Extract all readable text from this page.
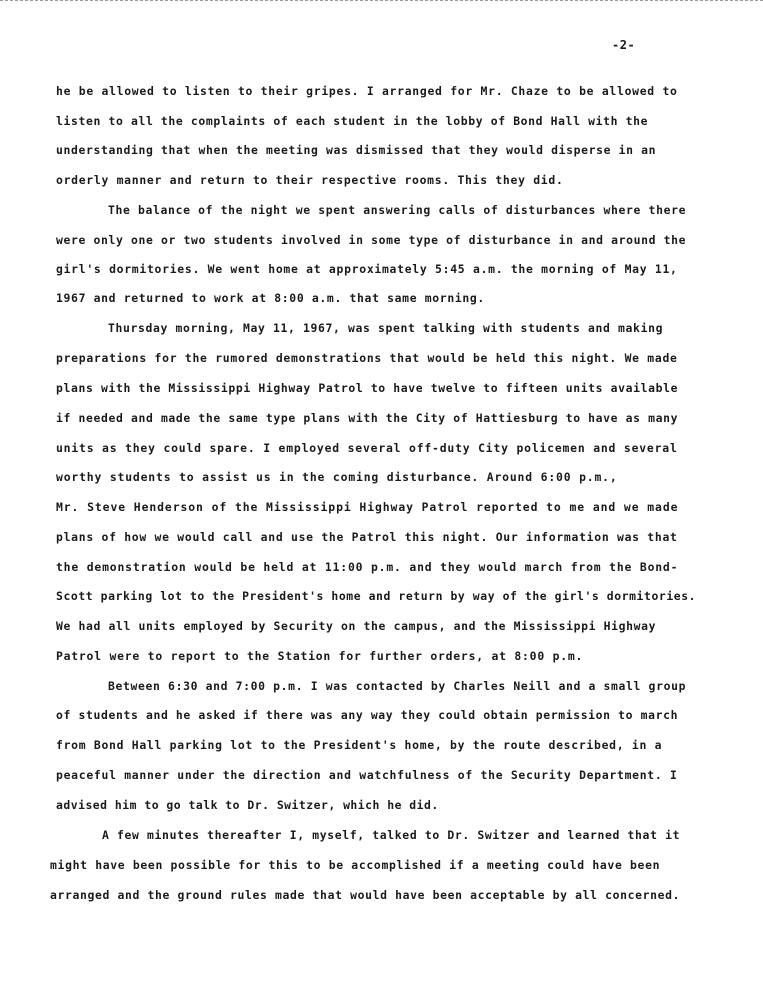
-2-
he be allowed to listen to their gripes. I arranged for Mr. Chaze to be allowed to
listen to all the complaints of each student in the lobby of Bond Hall with the
understanding that when the meeting was dismissed that they would disperse in an
orderly manner and return to their respective rooms. This they did.
The balance of the night we spent answering calls of disturbances where there
were only one or two students involved in some type of disturbance in and around the
girl's dormitories. We went home at approximately 5:45 a.m. the morning of May 11,
1967 and returned to work at 8:00 a.m. that same morning.
Thursday morning, May 11, 1967, was spent talking with students and making
preparations for the rumored demonstrations that would be held this night. We made
plans with the Mississippi Highway Patrol to have twelve to fifteen units available
if needed and made the same type plans with the City of Hattiesburg to have as many
units as they could spare. I employed several off-duty City policemen and several
worthy students to assist us in the coming disturbance. Around 6:00 p.m.,
Mr. Steve Henderson of the Mississippi Highway Patrol reported to me and we made
plans of how we would call and use the Patrol this night. Our information was that
the demonstration would be held at 11:00 p.m. and they would march from the Bond-
Scott parking lot to the President's home and return by way of the girl's dormitories.
We had all units employed by Security on the campus, and the Mississippi Highway
Patrol were to report to the Station for further orders, at 8:00 p.m.
Between 6:30 and 7:00 p.m. I was contacted by Charles Neill and a small group
of students and he asked if there was any way they could obtain permission to march
from Bond Hall parking lot to the President's home, by the route described, in a
peaceful manner under the direction and watchfulness of the Security Department. I
advised him to go talk to Dr. Switzer, which he did.
A few minutes thereafter I, myself, talked to Dr. Switzer and learned that it
might have been possible for this to be accomplished if a meeting could have been
arranged and the ground rules made that would have been acceptable by all concerned.
